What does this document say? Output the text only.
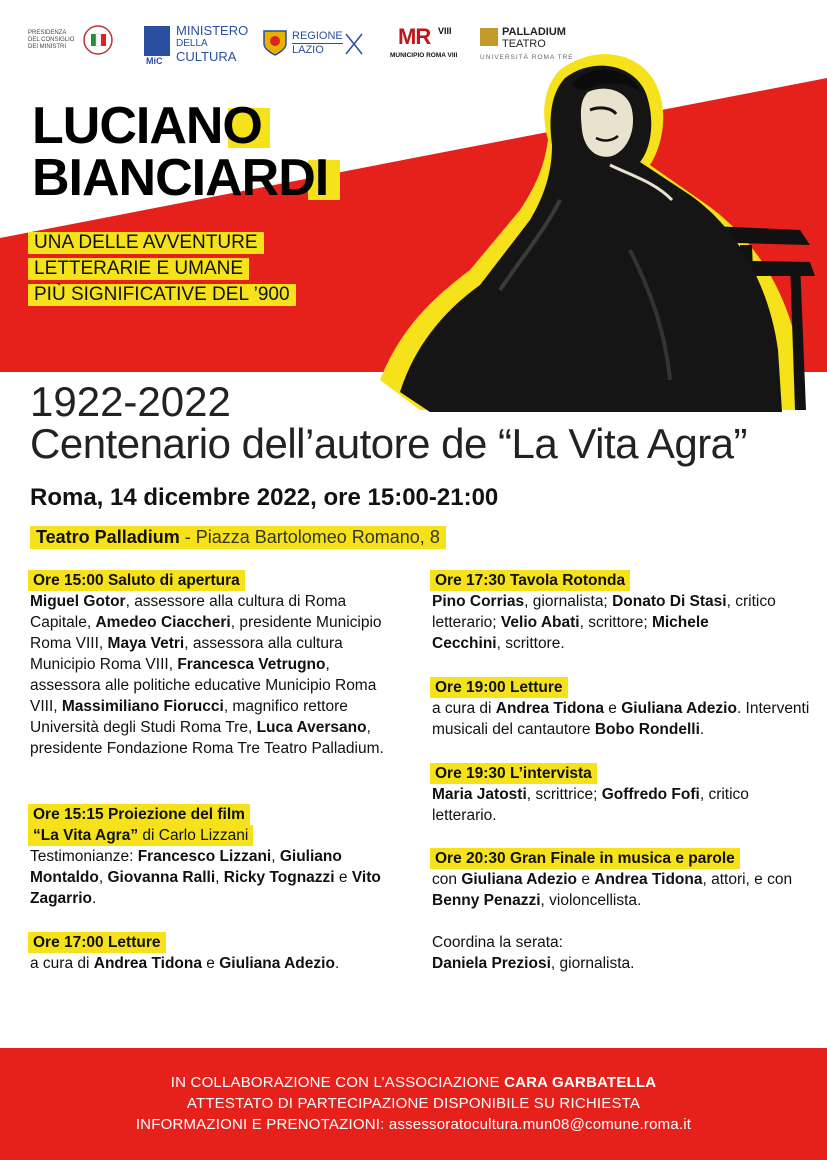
PRESIDENZA DEL CONSIGLIO DEI MINISTRI
MiC
MINISTERO
DELLA
CULTURA
REGIONE
LAZIO
MR VIII
MUNICIPIO ROMA VIII
PALLADIUM
TEATRO
UNIVERSITÀ ROMA TRE
LUCIANO
BIANCIARDI
UNA DELLE AVVENTURE
LETTERARIE E UMANE
PIÙ SIGNIFICATIVE DEL ’900
1922-2022
Centenario dell’autore de “La Vita Agra”
Roma, 14 dicembre 2022, ore 15:00-21:00
Teatro Palladium - Piazza Bartolomeo Romano, 8
Ore 15:00 Saluto di apertura
Miguel Gotor, assessore alla cultura di Roma Capitale, Amedeo Ciaccheri, presidente Municipio Roma VIII, Maya Vetri, assessora alla cultura Municipio Roma VIII, Francesca Vetrugno, assessora alle politiche educative Municipio Roma VIII, Massimiliano Fiorucci, magnifico rettore Università degli Studi Roma Tre, Luca Aversano, presidente Fondazione Roma Tre Teatro Palladium.
Ore 15:15 Proiezione del film
“La Vita Agra” di Carlo Lizzani
Testimonianze: Francesco Lizzani, Giuliano Montaldo, Giovanna Ralli, Ricky Tognazzi e Vito Zagarrio.
Ore 17:00 Letture
a cura di Andrea Tidona e Giuliana Adezio.
Ore 17:30 Tavola Rotonda
Pino Corrias, giornalista; Donato Di Stasi, critico letterario; Velio Abati, scrittore; Michele Cecchini, scrittore.
Ore 19:00 Letture
a cura di Andrea Tidona e Giuliana Adezio. Interventi musicali del cantautore Bobo Rondelli.
Ore 19:30 L’intervista
Maria Jatosti, scrittrice; Goffredo Fofi, critico letterario.
Ore 20:30 Gran Finale in musica e parole
con Giuliana Adezio e Andrea Tidona, attori, e con Benny Penazzi, violoncellista.
Coordina la serata:
Daniela Preziosi, giornalista.
IN COLLABORAZIONE CON L’ASSOCIAZIONE CARA GARBATELLA
ATTESTATO DI PARTECIPAZIONE DISPONIBILE SU RICHIESTA
INFORMAZIONI E PRENOTAZIONI: assessoratocultura.mun08@comune.roma.it
